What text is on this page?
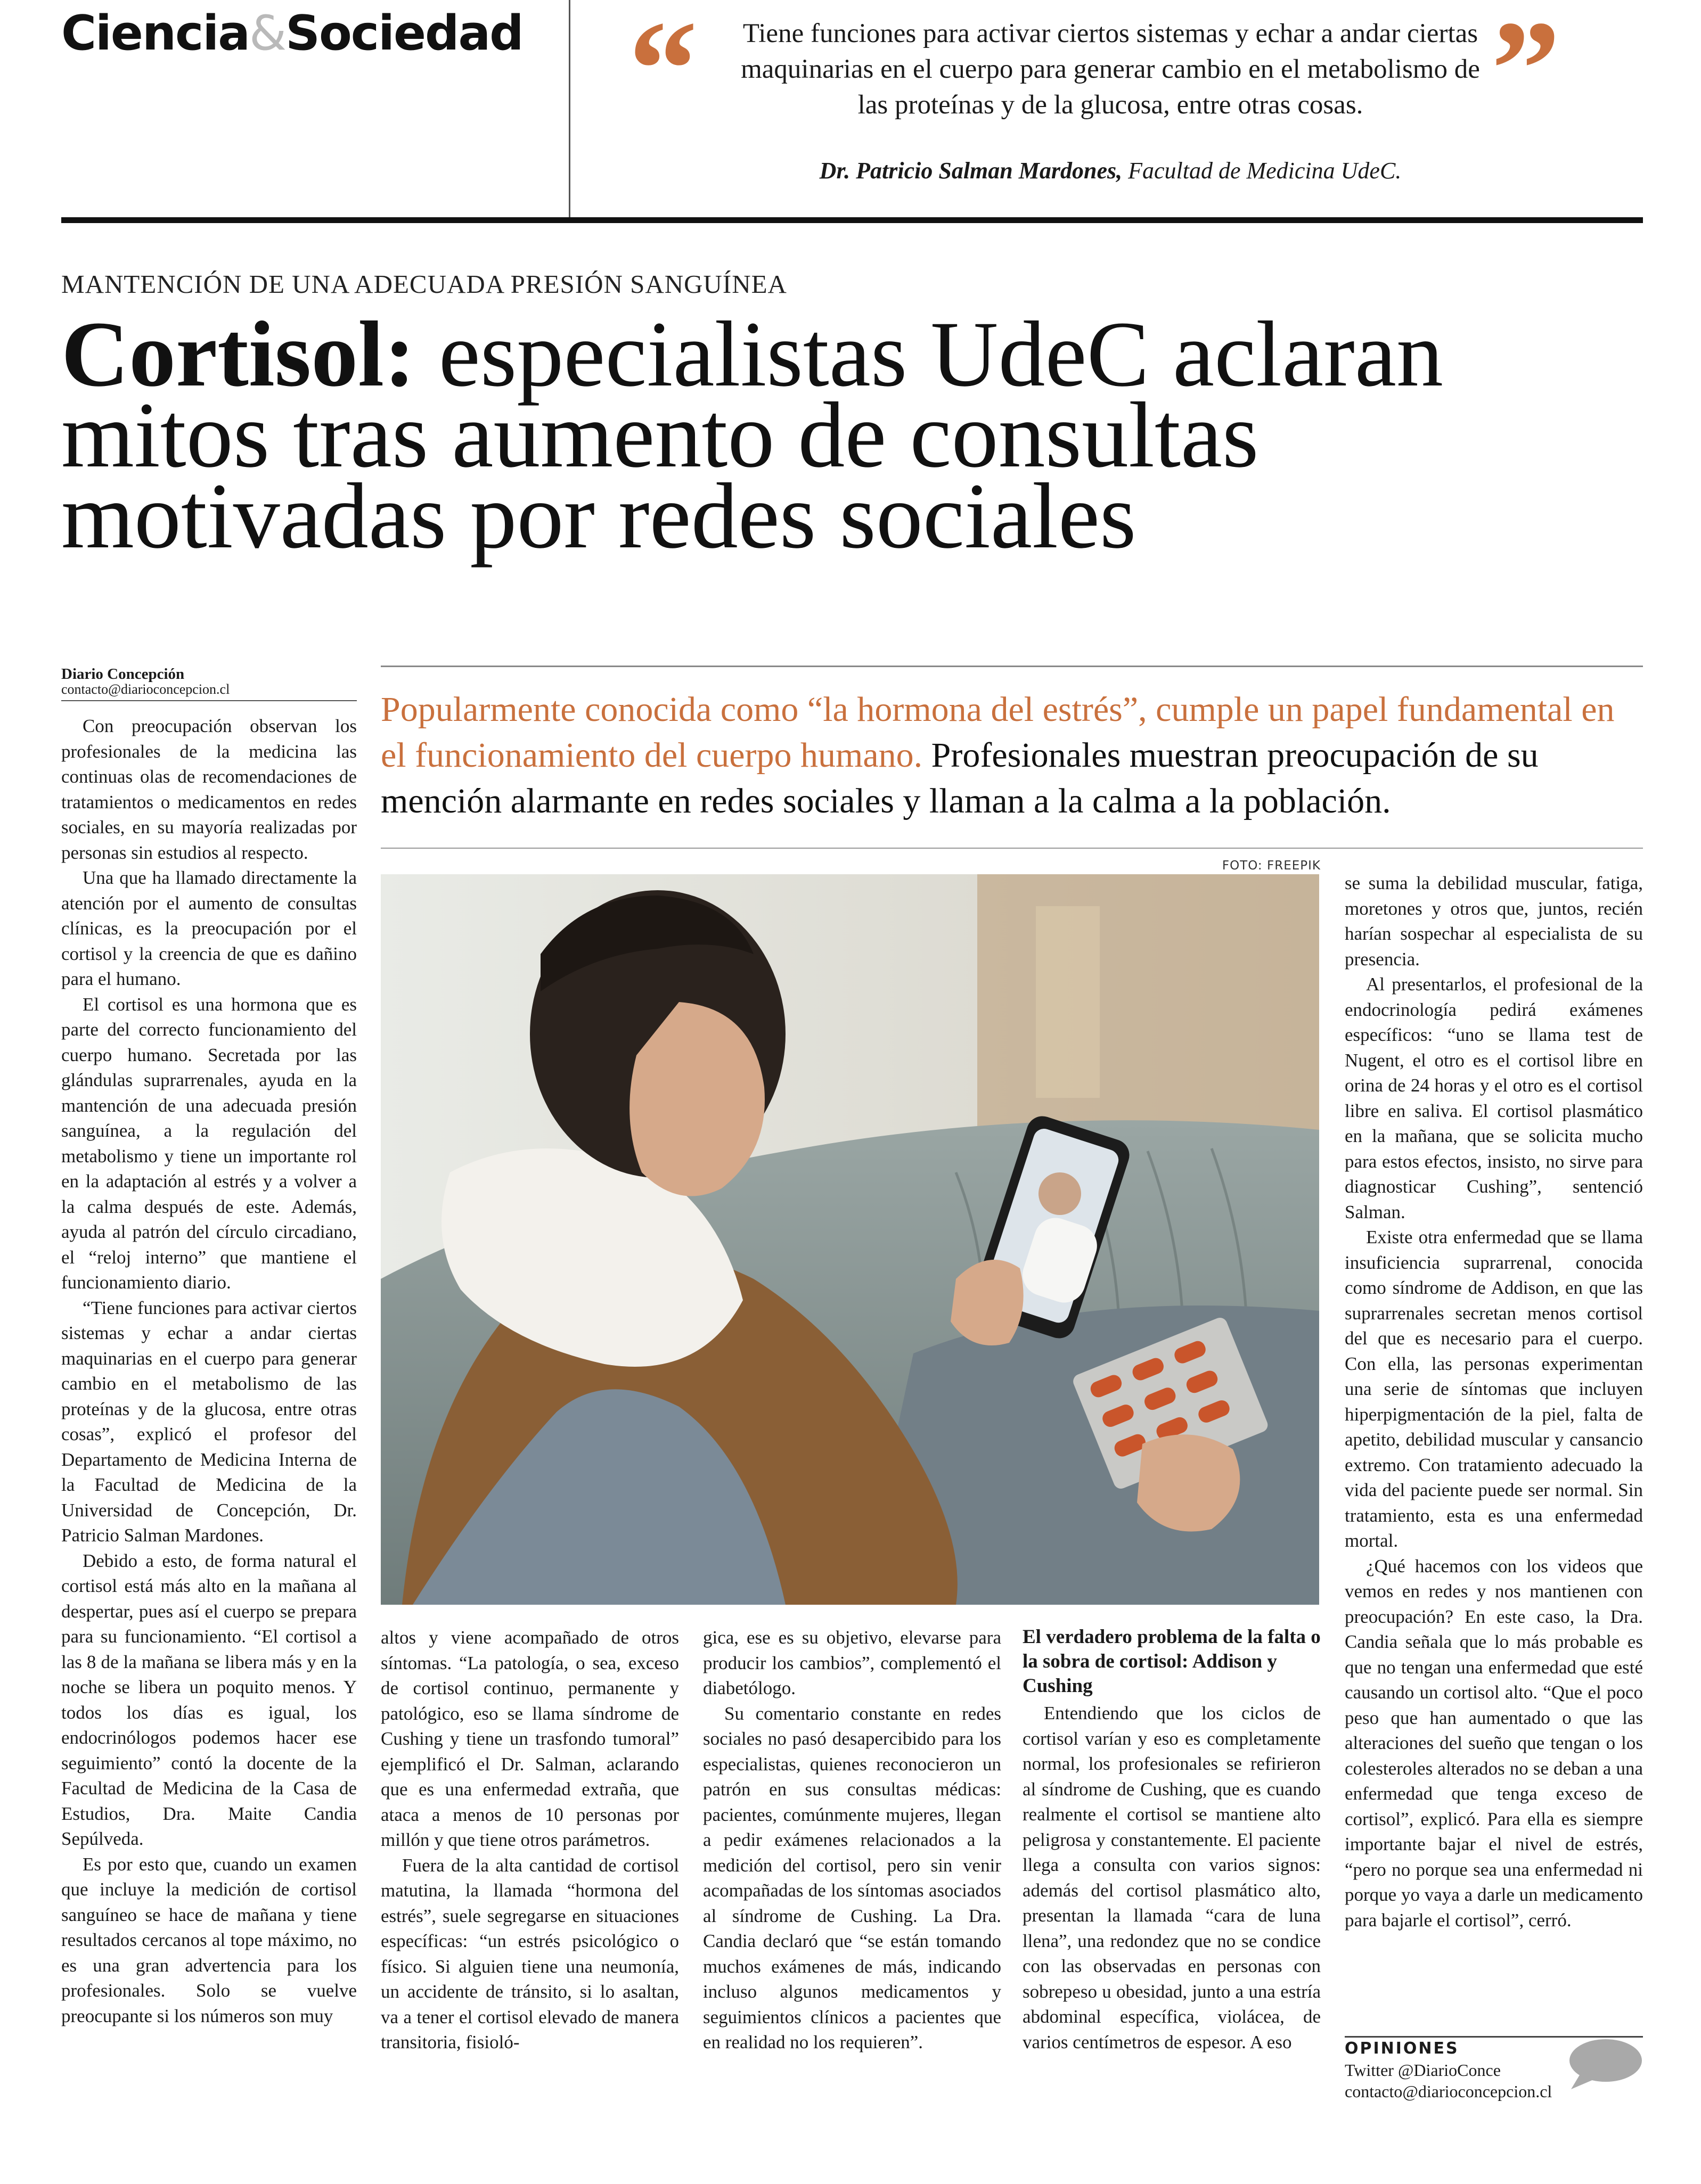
Ciencia&Sociedad “ Tiene funciones para activar ciertos sistemas y echar a andar ciertas maquinarias en el cuerpo para generar cambio en el metabolismo de las proteínas y de la glucosa, entre otras cosas. ”
Dr. Patricio Salman Mardones, Facultad de Medicina UdeC.
MANTENCIÓN DE UNA ADECUADA PRESIÓN SANGUÍNEA
Cortisol: especialistas UdeC aclaran mitos tras aumento de consultas motivadas por redes sociales
Diario Concepción
contacto@diarioconcepcion.cl
Popularmente conocida como “la hormona del estrés”, cumple un papel fundamental en el funcionamiento del cuerpo humano. Profesionales muestran preocupación de su mención alarmante en redes sociales y llaman a la calma a la población.
FOTO: FREEPIK

Con preocupación observan los profesionales de la medicina las continuas olas de recomendaciones de tratamientos o medicamentos en redes sociales, en su mayoría realizadas por personas sin estudios al respecto.

Una que ha llamado directamente la atención por el aumento de consultas clínicas, es la preocupación por el cortisol y la creencia de que es dañino para el humano.

El cortisol es una hormona que es parte del correcto funcionamiento del cuerpo humano. Secretada por las glándulas suprarrenales, ayuda en la mantención de una adecuada presión sanguínea, a la regulación del metabolismo y tiene un importante rol en la adaptación al estrés y a volver a la calma después de este. Además, ayuda al patrón del círculo circadiano, el “reloj interno” que mantiene el funcionamiento diario.

“Tiene funciones para activar ciertos sistemas y echar a andar ciertas maquinarias en el cuerpo para generar cambio en el metabolismo de las proteínas y de la glucosa, entre otras cosas”, explicó el profesor del Departamento de Medicina Interna de la Facultad de Medicina de la Universidad de Concepción, Dr. Patricio Salman Mardones.

Debido a esto, de forma natural el cortisol está más alto en la mañana al despertar, pues así el cuerpo se prepara para su funcionamiento. “El cortisol a las 8 de la mañana se libera más y en la noche se libera un poquito menos. Y todos los días es igual, los endocrinólogos podemos hacer ese seguimiento” contó la docente de la Facultad de Medicina de la Casa de Estudios, Dra. Maite Candia Sepúlveda.

Es por esto que, cuando un examen que incluye la medición de cortisol sanguíneo se hace de mañana y tiene resultados cercanos al tope máximo, no es una gran advertencia para los profesionales. Solo se vuelve preocupante si los números son muy

altos y viene acompañado de otros síntomas. “La patología, o sea, exceso de cortisol continuo, permanente y patológico, eso se llama síndrome de Cushing y tiene un trasfondo tumoral” ejemplificó el Dr. Salman, aclarando que es una enfermedad extraña, que ataca a menos de 10 personas por millón y que tiene otros parámetros.

Fuera de la alta cantidad de cortisol matutina, la llamada “hormona del estrés”, suele segregarse en situaciones específicas: “un estrés psicológico o físico. Si alguien tiene una neumonía, un accidente de tránsito, si lo asaltan, va a tener el cortisol elevado de manera transitoria, fisioló-

gica, ese es su objetivo, elevarse para producir los cambios”, complementó el diabetólogo.

Su comentario constante en redes sociales no pasó desapercibido para los especialistas, quienes reconocieron un patrón en sus consultas médicas: pacientes, comúnmente mujeres, llegan a pedir exámenes relacionados a la medición del cortisol, pero sin venir acompañadas de los síntomas asociados al síndrome de Cushing. La Dra. Candia declaró que “se están tomando muchos exámenes de más, indicando incluso algunos medicamentos y seguimientos clínicos a pacientes que en realidad no los requieren”.

El verdadero problema de la falta o la sobra de cortisol: Addison y Cushing

Entendiendo que los ciclos de cortisol varían y eso es completamente normal, los profesionales se refirieron al síndrome de Cushing, que es cuando realmente el cortisol se mantiene alto peligrosa y constantemente. El paciente llega a consulta con varios signos: además del cortisol plasmático alto, presentan la llamada “cara de luna llena”, una redondez que no se condice con las observadas en personas con sobrepeso u obesidad, junto a una estría abdominal específica, violácea, de varios centímetros de espesor. A eso

se suma la debilidad muscular, fatiga, moretones y otros que, juntos, recién harían sospechar al especialista de su presencia.

Al presentarlos, el profesional de la endocrinología pedirá exámenes específicos: “uno se llama test de Nugent, el otro es el cortisol libre en orina de 24 horas y el otro es el cortisol libre en saliva. El cortisol plasmático en la mañana, que se solicita mucho para estos efectos, insisto, no sirve para diagnosticar Cushing”, sentenció Salman.

Existe otra enfermedad que se llama insuficiencia suprarrenal, conocida como síndrome de Addison, en que las suprarrenales secretan menos cortisol del que es necesario para el cuerpo. Con ella, las personas experimentan una serie de síntomas que incluyen hiperpigmentación de la piel, falta de apetito, debilidad muscular y cansancio extremo. Con tratamiento adecuado la vida del paciente puede ser normal. Sin tratamiento, esta es una enfermedad mortal.

¿Qué hacemos con los videos que vemos en redes y nos mantienen con preocupación? En este caso, la Dra. Candia señala que lo más probable es que no tengan una enfermedad que esté causando un cortisol alto. “Que el poco peso que han aumentado o que las alteraciones del sueño que tengan o los colesteroles alterados no se deban a una enfermedad que tenga exceso de cortisol”, explicó. Para ella es siempre importante bajar el nivel de estrés, “pero no porque sea una enfermedad ni porque yo vaya a darle un medicamento para bajarle el cortisol”, cerró.

OPINIONES
Twitter @DiarioConce
contacto@diarioconcepcion.cl
